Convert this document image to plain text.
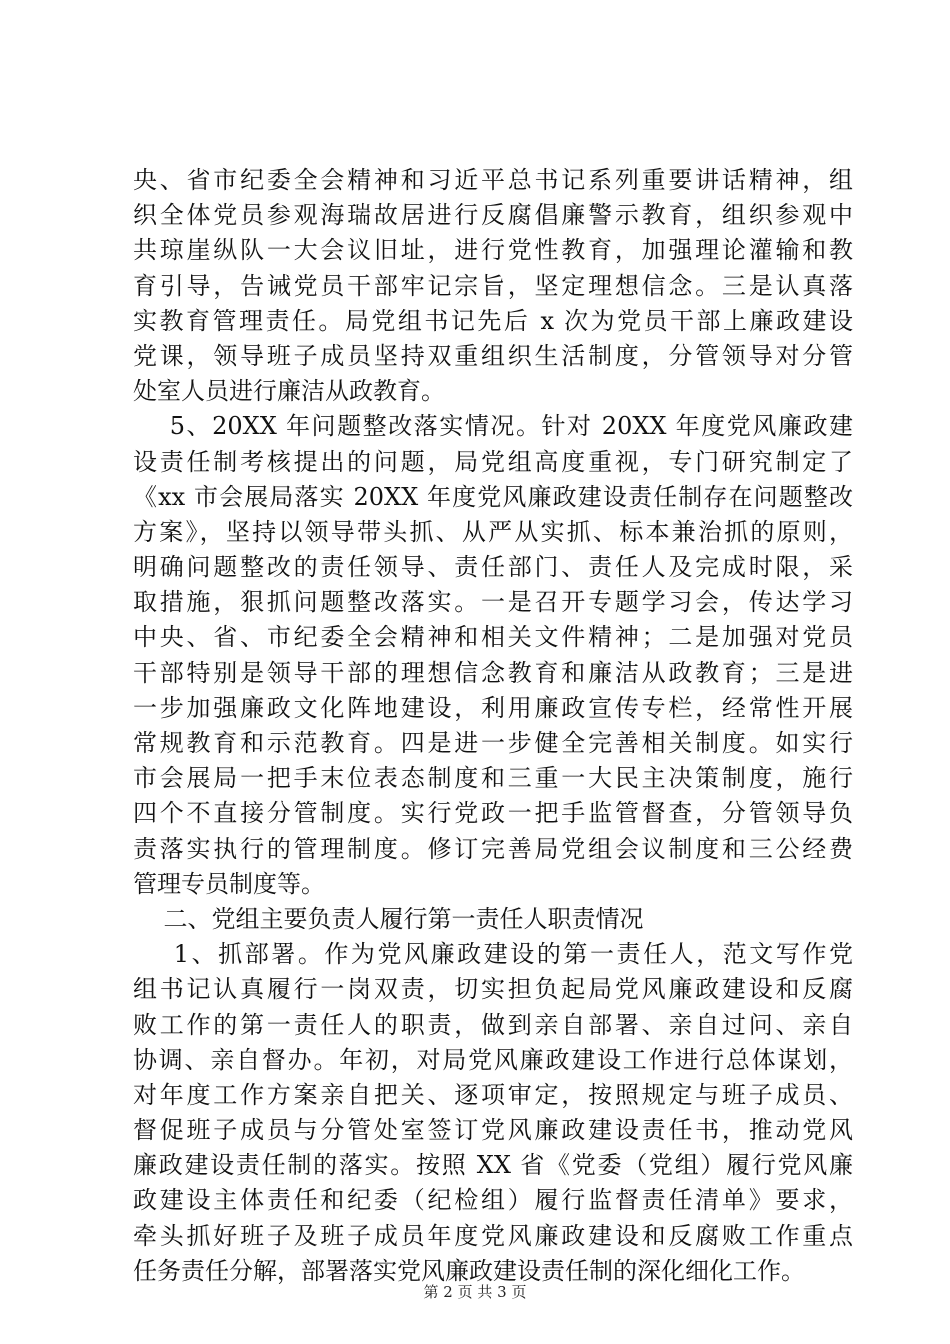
央、省市纪委全会精神和习近平总书记系列重要讲话精神，组
织全体党员参观海瑞故居进行反腐倡廉警示教育，组织参观中
共琼崖纵队一大会议旧址，进行党性教育，加强理论灌输和教
育引导，告诫党员干部牢记宗旨，坚定理想信念。三是认真落
实教育管理责任。局党组书记先后 x 次为党员干部上廉政建设
党课，领导班子成员坚持双重组织生活制度，分管领导对分管
处室人员进行廉洁从政教育。
5、20XX 年问题整改落实情况。针对 20XX 年度党风廉政建
设责任制考核提出的问题，局党组高度重视，专门研究制定了
《xx 市会展局落实 20XX 年度党风廉政建设责任制存在问题整改
方案》，坚持以领导带头抓、从严从实抓、标本兼治抓的原则，
明确问题整改的责任领导、责任部门、责任人及完成时限，采
取措施，狠抓问题整改落实。一是召开专题学习会，传达学习
中央、省、市纪委全会精神和相关文件精神；二是加强对党员
干部特别是领导干部的理想信念教育和廉洁从政教育；三是进
一步加强廉政文化阵地建设，利用廉政宣传专栏，经常性开展
常规教育和示范教育。四是进一步健全完善相关制度。如实行
市会展局一把手末位表态制度和三重一大民主决策制度，施行
四个不直接分管制度。实行党政一把手监管督查，分管领导负
责落实执行的管理制度。修订完善局党组会议制度和三公经费
管理专员制度等。
二、党组主要负责人履行第一责任人职责情况
1、抓部署。作为党风廉政建设的第一责任人，范文写作党
组书记认真履行一岗双责，切实担负起局党风廉政建设和反腐
败工作的第一责任人的职责，做到亲自部署、亲自过问、亲自
协调、亲自督办。年初，对局党风廉政建设工作进行总体谋划，
对年度工作方案亲自把关、逐项审定，按照规定与班子成员、
督促班子成员与分管处室签订党风廉政建设责任书，推动党风
廉政建设责任制的落实。按照 XX 省《党委（党组）履行党风廉
政建设主体责任和纪委（纪检组）履行监督责任清单》要求，
牵头抓好班子及班子成员年度党风廉政建设和反腐败工作重点
任务责任分解，部署落实党风廉政建设责任制的深化细化工作。
第 2 页 共 3 页
